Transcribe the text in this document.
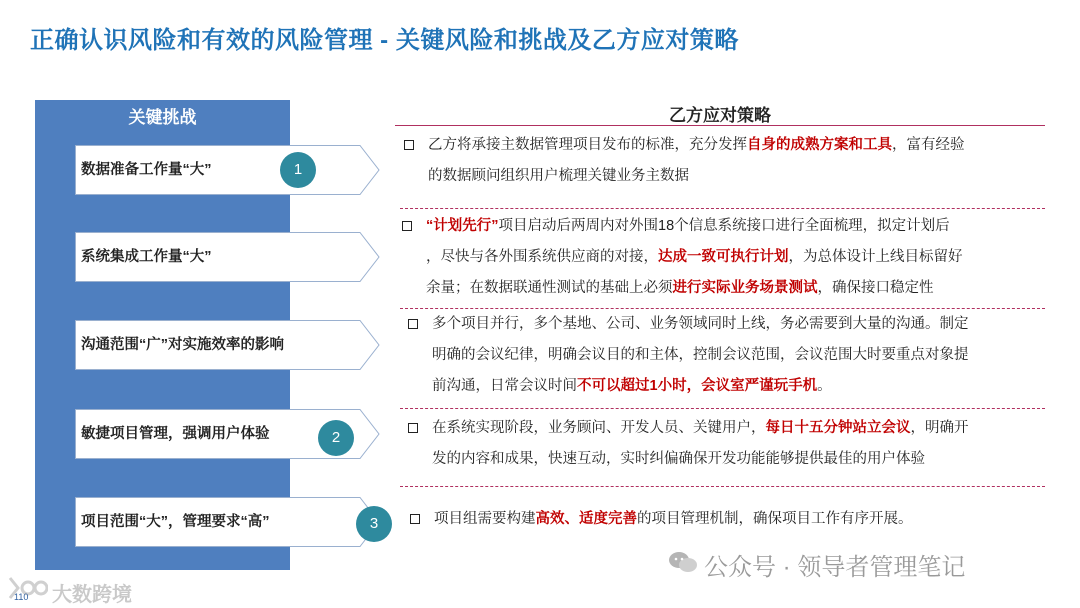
正确认识风险和有效的风险管理 - 关键风险和挑战及乙方应对策略
关键挑战
数据准备工作量“大”
系统集成工作量“大”
沟通范围“广”对实施效率的影响
敏捷项目管理，强调用户体验
项目范围“大”，管理要求“高”
1
2
3
乙方应对策略
乙方将承接主数据管理项目发布的标准，充分发挥自身的成熟方案和工具，富有经验
的数据顾问组织用户梳理关键业务主数据
“计划先行”项目启动后两周内对外围18个信息系统接口进行全面梳理，拟定计划后
，尽快与各外围系统供应商的对接，达成一致可执行计划，为总体设计上线目标留好
余量；在数据联通性测试的基础上必须进行实际业务场景测试，确保接口稳定性
多个项目并行，多个基地、公司、业务领域同时上线，务必需要到大量的沟通。制定
明确的会议纪律，明确会议目的和主体，控制会议范围，会议范围大时要重点对象提
前沟通，日常会议时间不可以超过1小时，会议室严谨玩手机。
在系统实现阶段，业务顾问、开发人员、关键用户，每日十五分钟站立会议，明确开
发的内容和成果，快速互动，实时纠偏确保开发功能能够提供最佳的用户体验
项目组需要构建高效、适度完善的项目管理机制，确保项目工作有序开展。
公众号 · 领导者管理笔记
大数跨境
110
